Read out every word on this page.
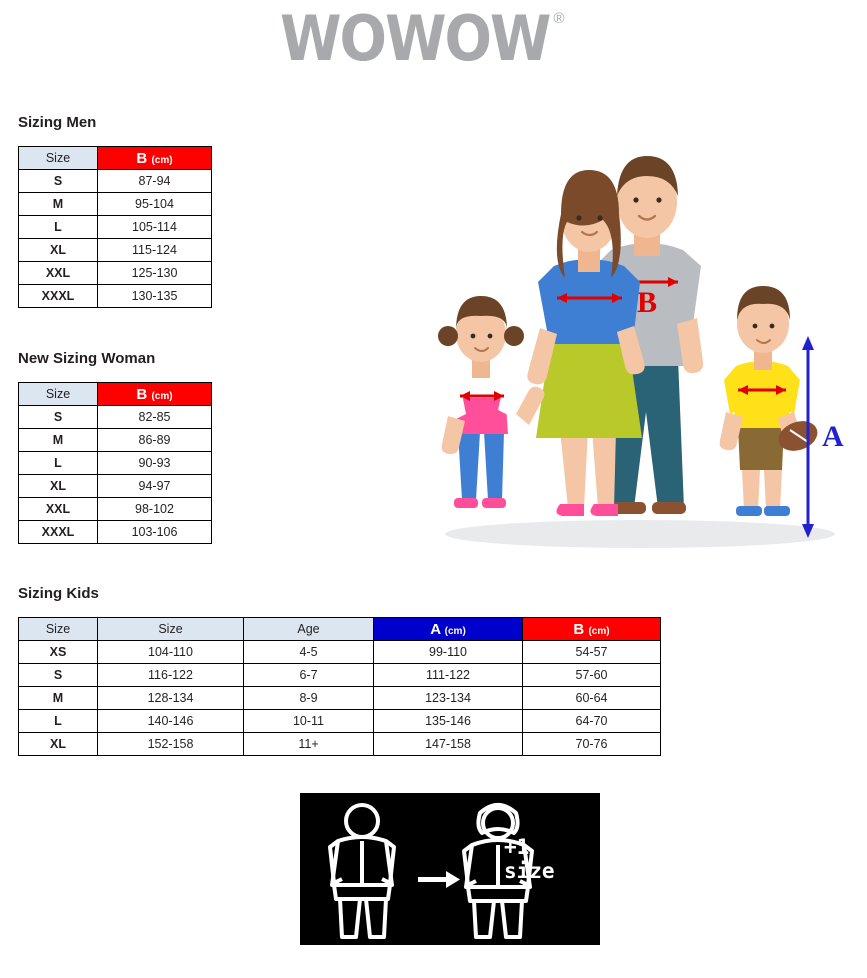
WOWOW ®
Sizing Men
Size	B (cm)
S	87-94
M	95-104
L	105-114
XL	115-124
XXL	125-130
XXXL	130-135
New Sizing Woman
Size	B (cm)
S	82-85
M	86-89
L	90-93
XL	94-97
XXL	98-102
XXXL	103-106
Sizing Kids
Size	Size	Age	A (cm)	B (cm)
XS	104-110	4-5	99-110	54-57
S	116-122	6-7	111-122	57-60
M	128-134	8-9	123-134	60-64
L	140-146	10-11	135-146	64-70
XL	152-158	11+	147-158	70-76
B
A
+1
size
